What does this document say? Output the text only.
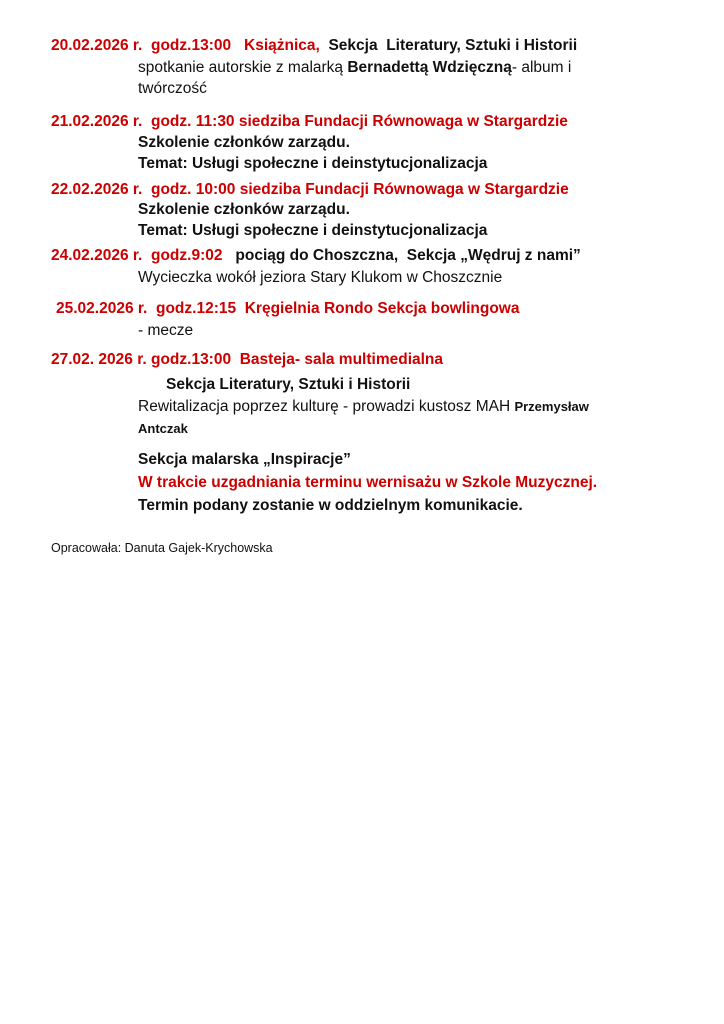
20.02.2026 r. godz.13:00 Książnica, Sekcja  Literatury, Sztuki i Historii
spotkanie autorskie z malarką Bernadettą Wdzięczną- album i
twórczość
21.02.2026 r. godz. 11:30 siedziba Fundacji Równowaga w Stargardzie
Szkolenie członków zarządu.
Temat: Usługi społeczne i deinstytucjonalizacja
22.02.2026 r. godz. 10:00 siedziba Fundacji Równowaga w Stargardzie
Szkolenie członków zarządu.
Temat: Usługi społeczne i deinstytucjonalizacja
24.02.2026 r. godz.9:02 pociąg do Choszczna, Sekcja „Wędruj z nami”
Wycieczka wokół jeziora Stary Klukom w Choszcznie
25.02.2026 r. godz.12:15 Kręgielnia Rondo Sekcja bowlingowa
- mecze
27.02. 2026 r. godz.13:00 Basteja- sala multimedialna
Sekcja Literatury, Sztuki i Historii
Rewitalizacja poprzez kulturę - prowadzi kustosz MAH Przemysław
Antczak
Sekcja malarska „Inspiracje”
W trakcie uzgadniania terminu wernisażu w Szkole Muzycznej.
Termin podany zostanie w oddzielnym komunikacie.
Opracowała: Danuta Gajek-Krychowska
